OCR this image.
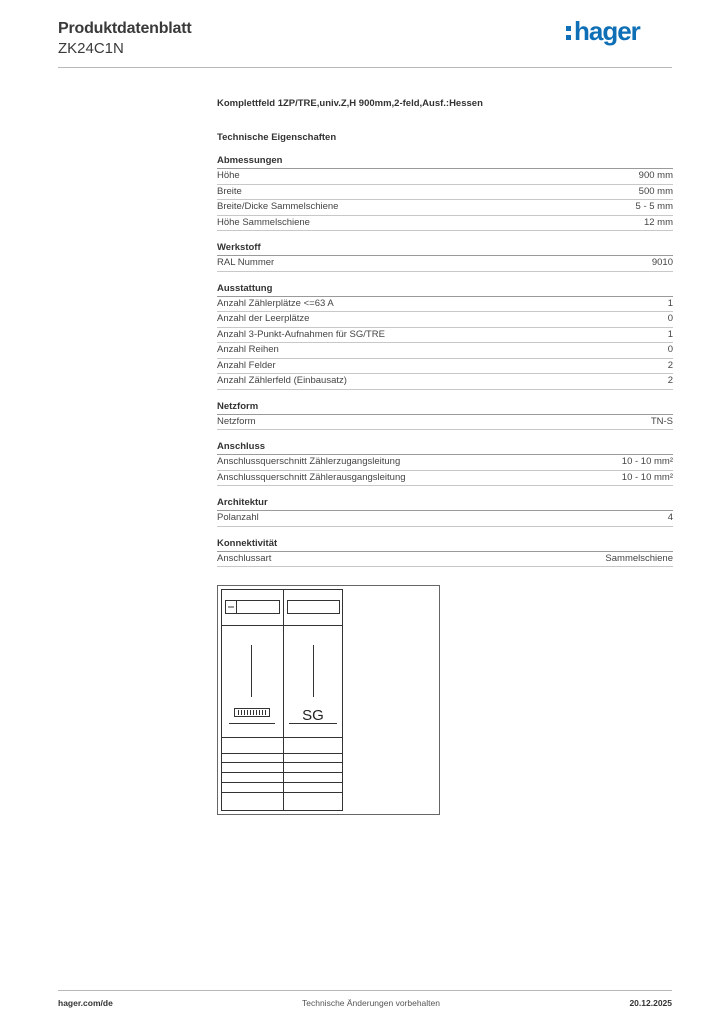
Produktdatenblatt
ZK24C1N
hager
Komplettfeld 1ZP/TRE,univ.Z,H 900mm,2-feld,Ausf.:Hessen
Technische Eigenschaften
Abmessungen
Höhe	900 mm
Breite	500 mm
Breite/Dicke Sammelschiene	5 - 5 mm
Höhe Sammelschiene	12 mm
Werkstoff
RAL Nummer	9010
Ausstattung
Anzahl Zählerplätze <=63 A	1
Anzahl der Leerplätze	0
Anzahl 3-Punkt-Aufnahmen für SG/TRE	1
Anzahl Reihen	0
Anzahl Felder	2
Anzahl Zählerfeld (Einbausatz)	2
Netzform
Netzform	TN-S
Anschluss
Anschlussquerschnitt Zählerzugangsleitung	10 - 10 mm²
Anschlussquerschnitt Zählerausgangsleitung	10 - 10 mm²
Architektur
Polanzahl	4
Konnektivität
Anschlussart	Sammelschiene
SG
hager.com/de	Technische Änderungen vorbehalten	20.12.2025
